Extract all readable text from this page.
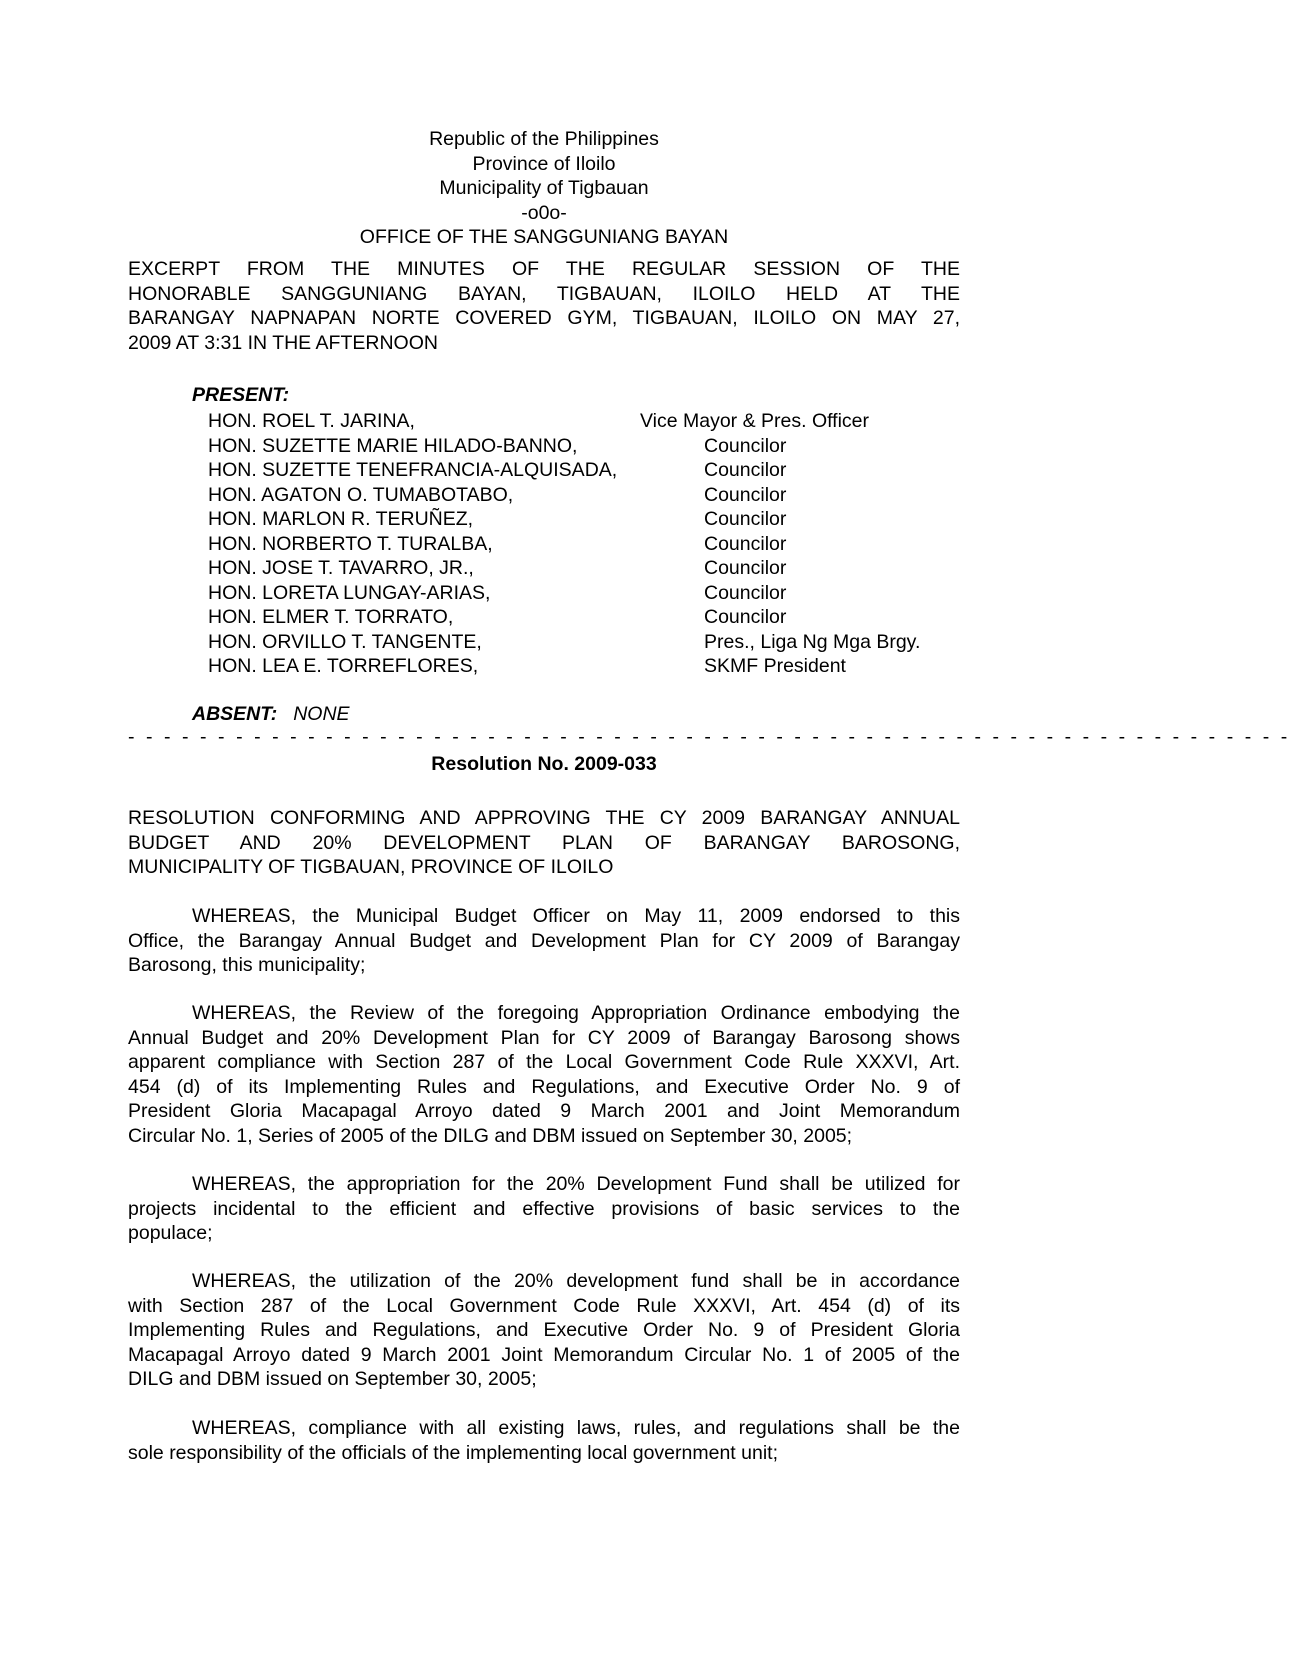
Republic of the Philippines
Province of Iloilo
Municipality of Tigbauan
-o0o-
OFFICE OF THE SANGGUNIANG BAYAN
EXCERPT FROM THE MINUTES OF THE REGULAR SESSION OF THE
HONORABLE SANGGUNIANG BAYAN, TIGBAUAN, ILOILO HELD AT THE
BARANGAY NAPNAPAN NORTE COVERED GYM, TIGBAUAN, ILOILO ON MAY 27,
2009 AT 3:31 IN THE AFTERNOON
PRESENT:
HON. ROEL T. JARINA,	Vice Mayor & Pres. Officer
HON. SUZETTE MARIE HILADO-BANNO,	Councilor
HON. SUZETTE TENEFRANCIA-ALQUISADA,	Councilor
HON. AGATON O. TUMABOTABO,	Councilor
HON. MARLON R. TERUÑEZ,	Councilor
HON. NORBERTO T. TURALBA,	Councilor
HON. JOSE T. TAVARRO, JR.,	Councilor
HON. LORETA LUNGAY-ARIAS,	Councilor
HON. ELMER T. TORRATO,	Councilor
HON. ORVILLO T. TANGENTE,	Pres., Liga Ng Mga Brgy.
HON. LEA E. TORREFLORES,	SKMF President
ABSENT: NONE
- - - - - - - - - - - - - - - - - - - - - - - - - - - - - - - - - - - - - - - - - - - - - - - - - - - - - - - - - - - - - - - - -
Resolution No. 2009-033
RESOLUTION CONFORMING AND APPROVING THE CY 2009 BARANGAY ANNUAL
BUDGET AND 20% DEVELOPMENT PLAN OF BARANGAY BAROSONG,
MUNICIPALITY OF TIGBAUAN, PROVINCE OF ILOILO
WHEREAS, the Municipal Budget Officer on May 11, 2009 endorsed to this
Office, the Barangay Annual Budget and Development Plan for CY 2009 of Barangay
Barosong, this municipality;
WHEREAS, the Review of the foregoing Appropriation Ordinance embodying the
Annual Budget and 20% Development Plan for CY 2009 of Barangay Barosong shows
apparent compliance with Section 287 of the Local Government Code Rule XXXVI, Art.
454 (d) of its Implementing Rules and Regulations, and Executive Order No. 9 of
President Gloria Macapagal Arroyo dated 9 March 2001 and Joint Memorandum
Circular No. 1, Series of 2005 of the DILG and DBM issued on September 30, 2005;
WHEREAS, the appropriation for the 20% Development Fund shall be utilized for
projects incidental to the efficient and effective provisions of basic services to the
populace;
WHEREAS, the utilization of the 20% development fund shall be in accordance
with Section 287 of the Local Government Code Rule XXXVI, Art. 454 (d) of its
Implementing Rules and Regulations, and Executive Order No. 9 of President Gloria
Macapagal Arroyo dated 9 March 2001 Joint Memorandum Circular No. 1 of 2005 of the
DILG and DBM issued on September 30, 2005;
WHEREAS, compliance with all existing laws, rules, and regulations shall be the
sole responsibility of the officials of the implementing local government unit;
